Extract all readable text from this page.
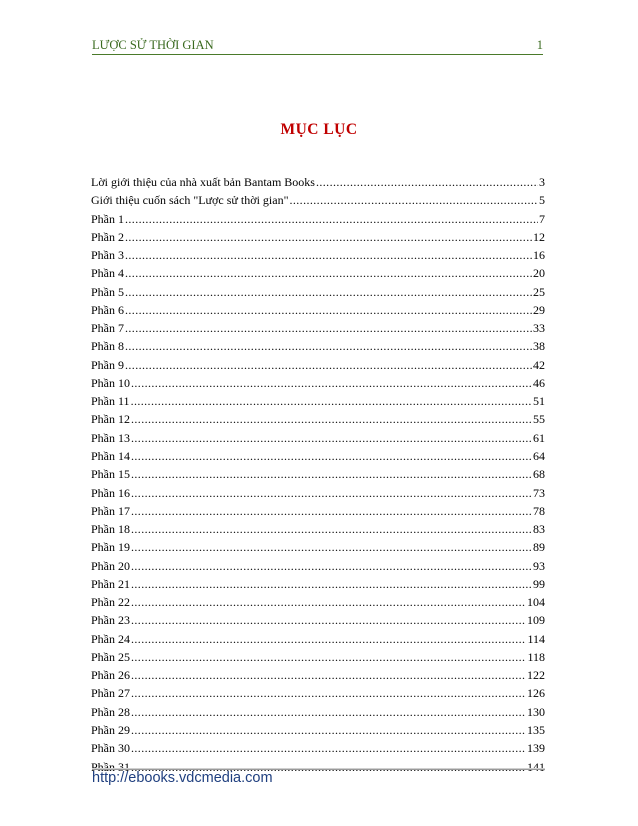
LƯỢC SỬ THỜI GIAN	1
MỤC LỤC
Lời giới thiệu của nhà xuất bản Bantam Books .....	3
Giới thiệu cuốn sách "Lược sử thời gian" .....	5
Phần 1 .....	7
Phần 2 .....	12
Phần 3 .....	16
Phần 4 .....	20
Phần 5 .....	25
Phần 6 .....	29
Phần 7 .....	33
Phần 8 .....	38
Phần 9 .....	42
Phần 10 .....	46
Phần 11 .....	51
Phần 12 .....	55
Phần 13 .....	61
Phần 14 .....	64
Phần 15 .....	68
Phần 16 .....	73
Phần 17 .....	78
Phần 18 .....	83
Phần 19 .....	89
Phần 20 .....	93
Phần 21 .....	99
Phần 22 .....	104
Phần 23 .....	109
Phần 24 .....	114
Phần 25 .....	118
Phần 26 .....	122
Phần 27 .....	126
Phần 28 .....	130
Phần 29 .....	135
Phần 30 .....	139
Phần 31 .....	141
http://ebooks.vdcmedia.com
